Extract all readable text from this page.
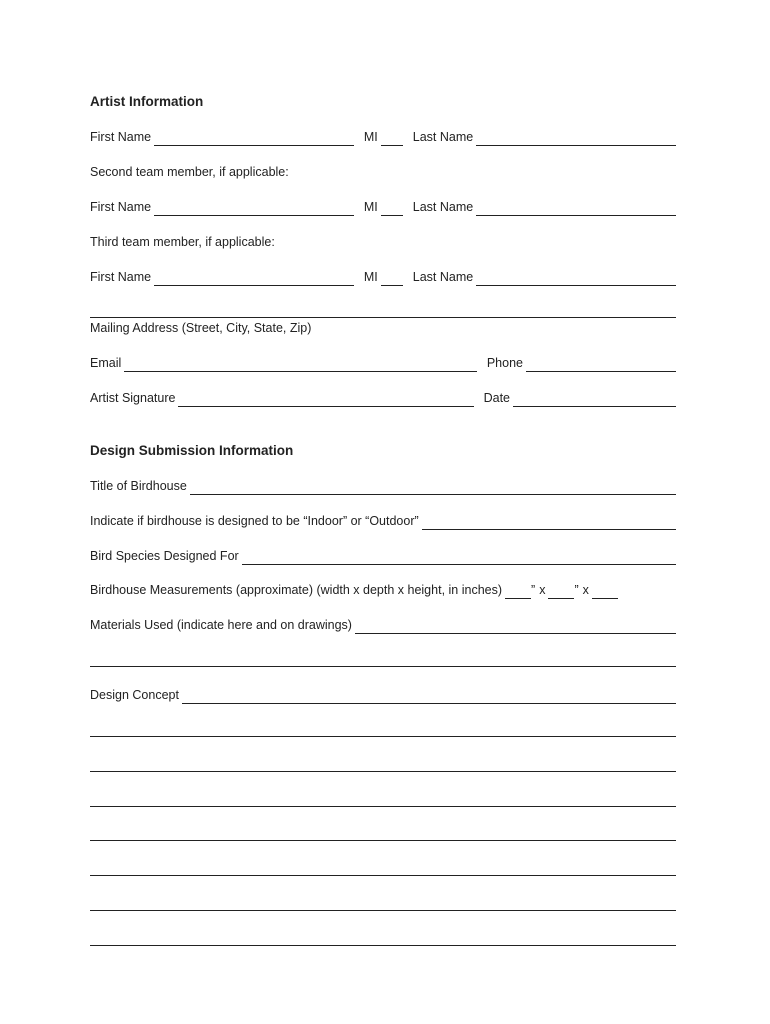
Artist Information
First Name	MI	Last Name
Second team member, if applicable:
First Name	MI	Last Name
Third team member, if applicable:
First Name	MI	Last Name
Mailing Address (Street, City, State, Zip)
Email	Phone
Artist Signature	Date
Design Submission Information
Title of Birdhouse
Indicate if birdhouse is designed to be “Indoor” or “Outdoor”
Bird Species Designed For
Birdhouse Measurements (approximate) (width x depth x height, in inches) ” x ” x
Materials Used (indicate here and on drawings)
Design Concept
